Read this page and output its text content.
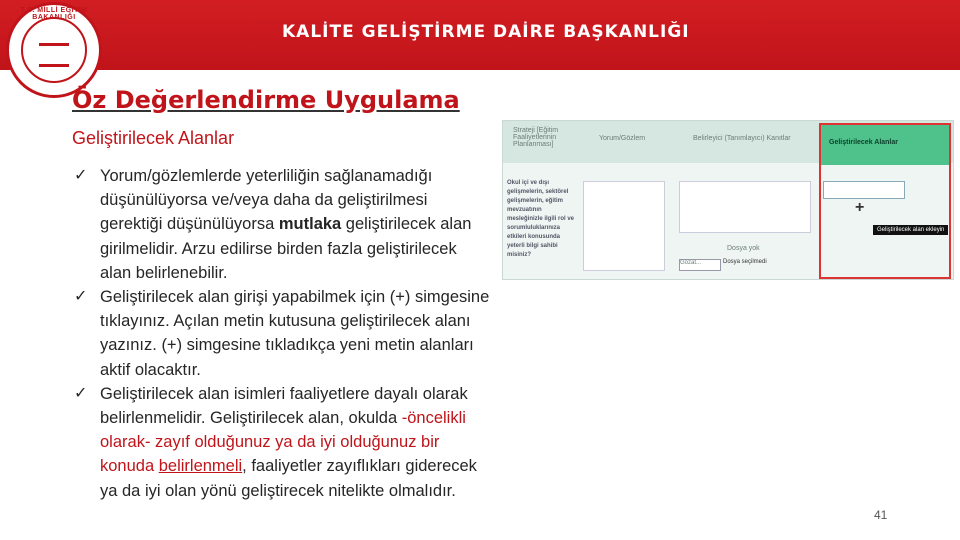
T.C. MİLLİ EĞİTİM BAKANLIĞI
KALİTE GELİŞTİRME DAİRE BAŞKANLIĞI
Öz Değerlendirme Uygulama
Geliştirilecek Alanlar
✓ Yorum/gözlemlerde yeterliliğin sağlanamadığı düşünülüyorsa ve/veya daha da geliştirilmesi gerektiği düşünülüyorsa mutlaka geliştirilecek alan girilmelidir. Arzu edilirse birden fazla geliştirilecek alan belirlenebilir.
✓ Geliştirilecek alan girişi yapabilmek için (+) simgesine tıklayınız. Açılan metin kutusuna geliştirilecek alanı yazınız. (+) simgesine tıkladıkça yeni metin alanları aktif olacaktır.
✓ Geliştirilecek alan isimleri faaliyetlere dayalı olarak belirlenmelidir. Geliştirilecek alan, okulda -öncelikli olarak- zayıf olduğunuz ya da iyi olduğunuz bir konuda belirlenmeli, faaliyetler zayıflıkları giderecek ya da iyi olan yönü geliştirecek nitelikte olmalıdır.
Strateji [Eğitim Faaliyetlerinin Planlanması]
Yorum/Gözlem	Belirleyici (Tanımlayıcı) Kanıtlar
Okul içi ve dışı gelişmelerin, sektörel gelişmelerin, eğitim mevzuatının mesleğinizle ilgili rol ve sorumluluklarınıza etkileri konusunda yeterli bilgi sahibi misiniz?
Dosya yok
Gözat...	Dosya seçilmedi
Geliştirilecek Alanlar
+
Geliştirilecek alan ekleyin
41
